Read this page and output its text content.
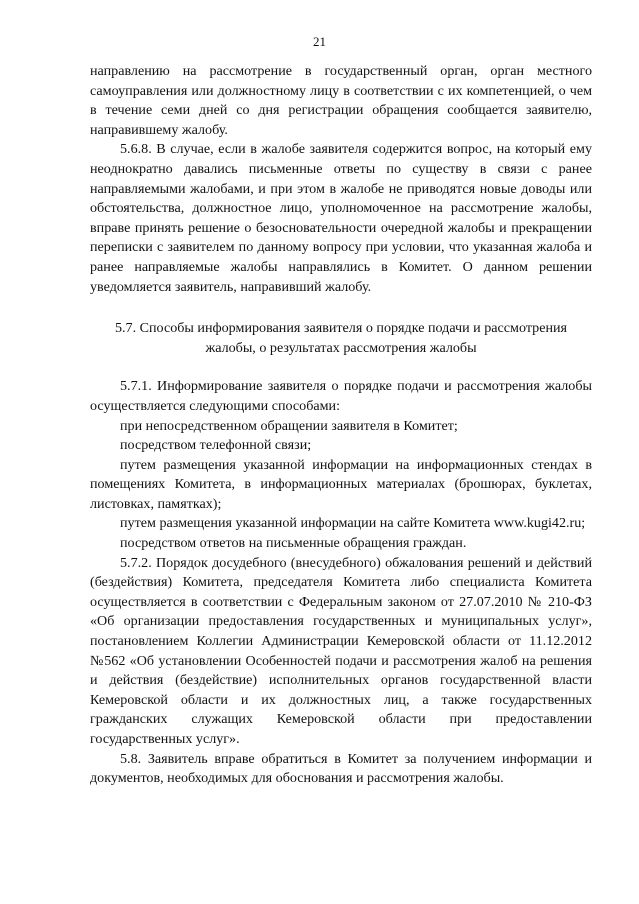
21

направлению на рассмотрение в государственный орган, орган местного самоуправления или должностному лицу в соответствии с их компетенцией, о чем в течение семи дней со дня регистрации обращения сообщается заявителю, направившему жалобу.

5.6.8. В случае, если в жалобе заявителя содержится вопрос, на который ему неоднократно давались письменные ответы по существу в связи с ранее направляемыми жалобами, и при этом в жалобе не приводятся новые доводы или обстоятельства, должностное лицо, уполномоченное на рассмотрение жалобы, вправе принять решение о безосновательности очередной жалобы и прекращении переписки с заявителем по данному вопросу при условии, что указанная жалоба и ранее направляемые жалобы направлялись в Комитет. О данном решении уведомляется заявитель, направивший жалобу.

5.7. Способы информирования заявителя о порядке подачи и рассмотрения жалобы, о результатах рассмотрения жалобы

5.7.1. Информирование заявителя о порядке подачи и рассмотрения жалобы осуществляется следующими способами:

при непосредственном обращении заявителя в Комитет;

посредством телефонной связи;

путем размещения указанной информации на информационных стендах в помещениях Комитета, в информационных материалах (брошюрах, буклетах, листовках, памятках);

путем размещения указанной информации на сайте Комитета www.kugi42.ru;

посредством ответов на письменные обращения граждан.

5.7.2. Порядок досудебного (внесудебного) обжалования решений и действий (бездействия) Комитета, председателя Комитета либо специалиста Комитета осуществляется в соответствии с Федеральным законом от 27.07.2010 № 210-ФЗ «Об организации предоставления государственных и муниципальных услуг», постановлением Коллегии Администрации Кемеровской области от 11.12.2012 №562 «Об установлении Особенностей подачи и рассмотрения жалоб на решения и действия (бездействие) исполнительных органов государственной власти Кемеровской области и их должностных лиц, а также государственных гражданских служащих Кемеровской области при предоставлении государственных услуг».

5.8. Заявитель вправе обратиться в Комитет за получением информации и документов, необходимых для обоснования и рассмотрения жалобы.
